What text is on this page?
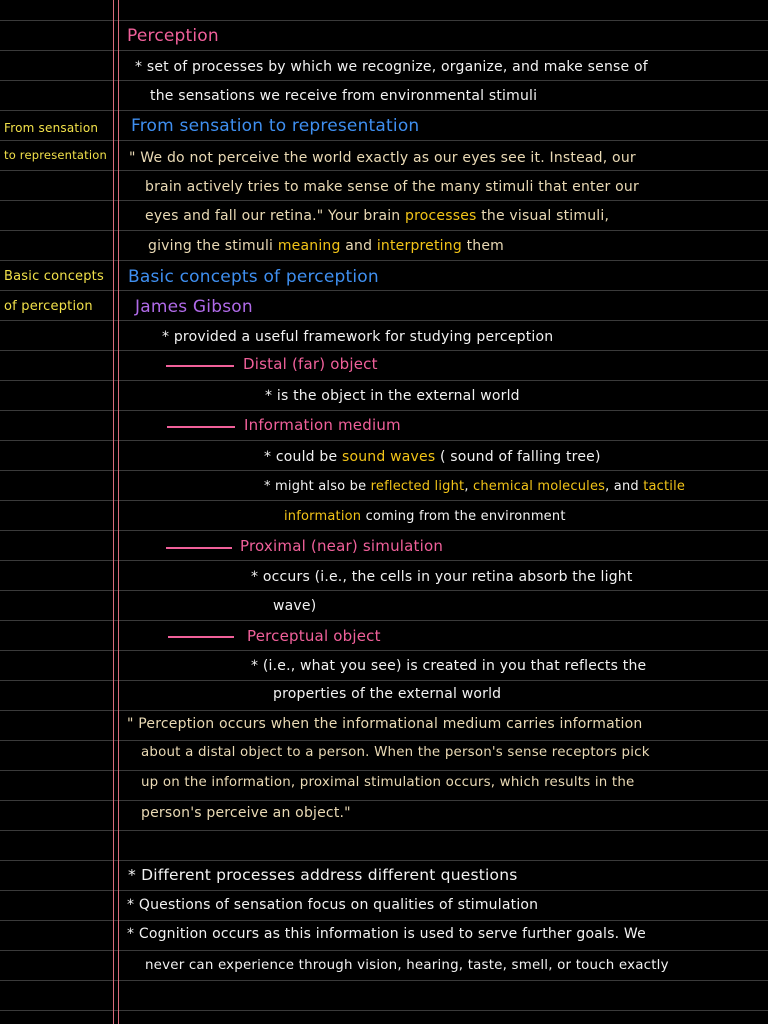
From sensation
to representation
Basic concepts
of perception
Perception
* set of processes by which we recognize, organize, and make sense of
the sensations we receive from environmental stimuli
From sensation to representation
" We do not perceive the world exactly as our eyes see it. Instead, our
brain actively tries to make sense of the many stimuli that enter our
eyes and fall our retina." Your brain processes the visual stimuli,
giving the stimuli meaning and interpreting them
Basic concepts of perception
James Gibson
* provided a useful framework for studying perception
Distal (far) object
* is the object in the external world
Information medium
* could be sound waves ( sound of falling tree)
* might also be reflected light, chemical molecules, and tactile
information coming from the environment
Proximal (near) simulation
* occurs (i.e., the cells in your retina absorb the light
wave)
Perceptual object
* (i.e., what you see) is created in you that reflects the
properties of the external world
" Perception occurs when the informational medium carries information
about a distal object to a person. When the person's sense receptors pick
up on the information, proximal stimulation occurs, which results in the
person's perceive an object."
* Different processes address different questions
* Questions of sensation focus on qualities of stimulation
* Cognition occurs as this information is used to serve further goals. We
never can experience through vision, hearing, taste, smell, or touch exactly
